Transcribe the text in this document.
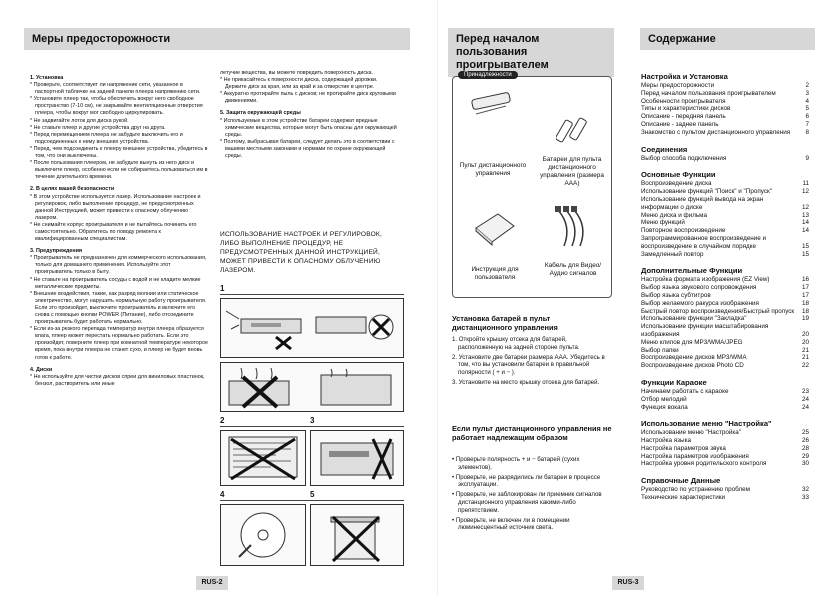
Меры предосторожности

1. Установка

* Проверьте, соответствует ли напряжение сети, указанное в паспортной табличке на задней панели плеера напряжению сети.

* Установите плеер так, чтобы обеспечить вокруг него свободное пространство (7-10 см), не закрывайте вентиляционные отверстия плеера, чтобы вокруг мог свободно циркулировать.

* Не задвигайте лоток для диска рукой.

* Не ставьте плеер и другие устройства друг на друга.

* Перед перемещением плеера не забудьте выключить его и подсоединенных к нему внешних устройства.

* Перед, чем подсоединить к плееру внешние устройства, убедитесь в том, что они выключены.

* После пользования плеером, не забудьте вынуть из него диск и выключите плеер, особенно если не собираетесь пользоваться им в течение длительного времени.

2. В целях вашей безопасности

* В этом устройстве используется лазер. Использование настроек и регулировок, либо выполнение процедур, не предусмотренных данной Инструкцией, может привести к опасному облучению лазером.

* Не снимайте корпус проигрывателя и не пытайтесь починить его самостоятельно. Обратитесь по поводу ремонта к квалифицированным специалистам.

3. Предупреждения

* Проигрыватель не предназначен для коммерческого использования, только для домашнего применения. Используйте этот проигрыватель только в быту.

* Не ставьте на проигрыватель сосуды с водой и не кладите мелкие металлические предметы.

* Внешние воздействия, такие, как разряд молнии или статическое электричество, могут нарушить нормальную работу проигрывателя. Если это произойдет, выключите проигрыватель и включите его снова с помощью кнопки POWER (Питание), либо отсоедините проигрыватель будет работать нормально.

* Если из-за резкого перепада температур внутри плеера образуется влага, плеер может перестать нормально работать. Если это произойдет, поверните плеер при комнатной температуре некоторое время, пока внутри плеера не станет сухо, и плеер не будет вновь готов к работе.

4. Диски

* Не используйте для чистки дисков спреи для виниловых пластинок, бензол, растворитель или иные

летучие вещества, вы можете повредить поверхность диска.

* Не прикасайтесь к поверхности диска, содержащей дорожки. Держите диск за края, или за край и за отверстие в центре.

* Аккуратно протирайте пыль с дисков; не протирайте диск круговыми движениями.

5. Защита окружающей среды

* Используемые в этом устройстве батареи содержат вредные химические вещества, которые могут быть опасны для окружающей среды.

* Поэтому, выбрасывая батареи, следует делать это в соответствии с вашими местными законами и нормами по охране окружающей среды.

ИСПОЛЬЗОВАНИЕ НАСТРОЕК И РЕГУЛИРОВОК, ЛИБО ВЫПОЛНЕНИЕ ПРОЦЕДУР, НЕ ПРЕДУСМОТРЕННЫХ ДАННОЙ ИНСТРУКЦИЕЙ, МОЖЕТ ПРИВЕСТИ К ОПАСНОМУ ОБЛУЧЕНИЮ ЛАЗЕРОМ.
1
2	3
4	5
RUS-2
Перед началом пользования проигрывателем
Принадлежности
Пульт дистанционного управления
Батареи для пульта дистанционного управления (размера AAA)
Инструкция для пользователя
Кабель для Видео/Аудио сигналов
Установка батарей в пульт дистанционного управления

1. Откройте крышку отсека для батарей, расположенную на задней стороне пульта.

2. Установите две батареи размера AAA. Убедитесь в том, что вы установили батареи в правильной полярности ( + и − ).

3. Установите на место крышку отсека для батарей.

Если пульт дистанционного управления не работает надлежащим образом

• Проверьте полярность + и − батарей (сухих элементов).

• Проверьте, не разрядились ли батареи в процессе эксплуатации.

• Проверьте, не заблокирован ли приемник сигналов дистанционного управления какими-либо препятствием.

• Проверьте, не включен ли в помещении люминесцентный источник света.

RUS-3
Содержание
Настройка и Установка
Меры предосторожности	2
Перед началом пользования проигрывателем	3
Особенности проигрывателя	4
Типы и характеристики дисков	5
Описание - передняя панель	6
Описание - заднее панель	7
Знакомство с пультом дистанционного управления	8
Соединения
Выбор способа подключения	9
Основные Функции
Воспроизведение диска	11
Использование функций "Поиск" и "Пропуск"	12
Использование функций вывода на экран информации о диске	12
Меню диска и фильма	13
Меню функций	14
Повторное воспроизведение	14
Запрограммированное воспроизведение и воспроизведение в случайном порядке	15
Замедленный повтор	15
Дополнительные Функции
Настройка формата изображения (EZ View)	16
Выбор языка звукового сопровождения	17
Выбор языка субтитров	17
Выбор желаемого ракурса изображения	18
Быстрый повтор воспроизведения/Быстрый пропуск	18
Использование функции "Закладка"	19
Использование функции масштабирования изображения	20
Меню клипов для MP3/WMA/JPEG	20
Выбор папки	21
Воспроизведение дисков MP3/WMA	21
Воспроизведение дисков Photo CD	22
Функции Караоке
Начинаем работать с караоке	23
Отбор мелодий	24
Функция вокала	24
Использование меню "Настройка"
Использование меню "Настройка"	25
Настройка языка	26
Настройка параметров звука	28
Настройка параметров изображения	29
Настройка уровня родительского контроля	30
Справочные Данные
Руководство по устранению проблем	32
Технические характеристики	33
